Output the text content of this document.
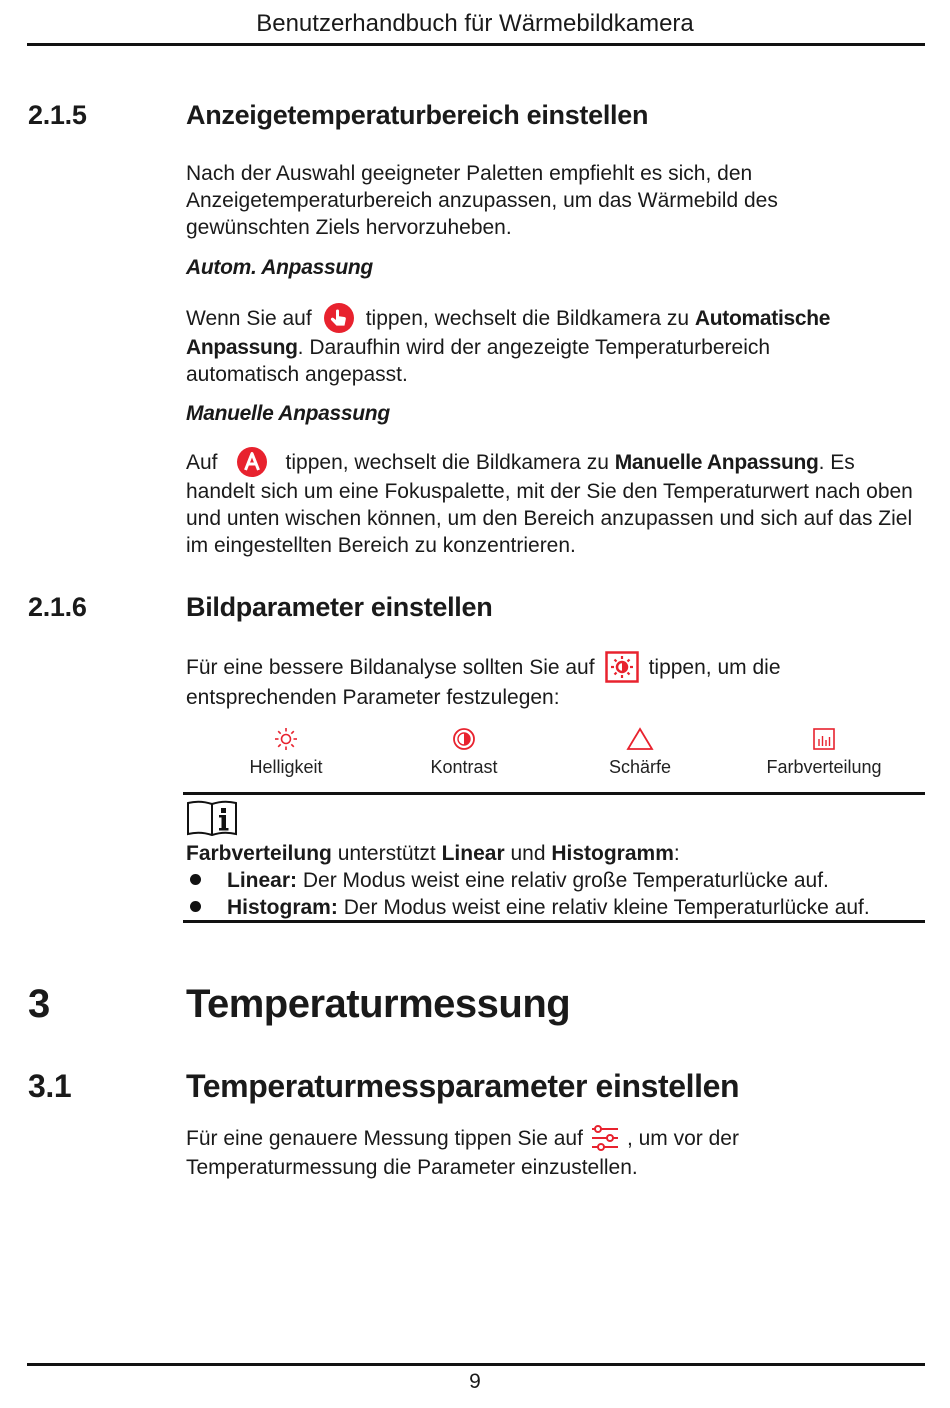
Benutzerhandbuch für Wärmebildkamera
2.1.5	Anzeigetemperaturbereich einstellen
Nach der Auswahl geeigneter Paletten empfiehlt es sich, den Anzeigetemperaturbereich anzupassen, um das Wärmebild des gewünschten Ziels hervorzuheben.
Autom. Anpassung
Wenn Sie auf	tippen, wechselt die Bildkamera zu
Automatische
Anpassung. Daraufhin wird der angezeigte Temperaturbereich
automatisch angepasst.
Manuelle Anpassung
Auf	tippen, wechselt die Bildkamera zu
Manuelle Anpassung . Es
handelt sich um eine Fokuspalette, mit der Sie den Temperaturwert nach oben und unten wischen können, um den Bereich anzupassen und sich auf das Ziel im eingestellten Bereich zu konzentrieren.
2.1.6	Bildparameter einstellen
Für eine bessere Bildanalyse sollten Sie auf	tippen, um die
entsprechenden Parameter festzulegen:
Helligkeit	Kontrast	Schärfe	Farbverteilung
Farbverteilung unterstützt Linear und Histogramm:
Linear: Der Modus weist eine relativ große Temperaturlücke auf.
Histogram: Der Modus weist eine relativ kleine Temperaturlücke auf.
3	Temperaturmessung
3.1	Temperaturmessparameter einstellen
Für eine genauere Messung tippen Sie auf , um vor der
Temperaturmessung die Parameter einzustellen.
9
